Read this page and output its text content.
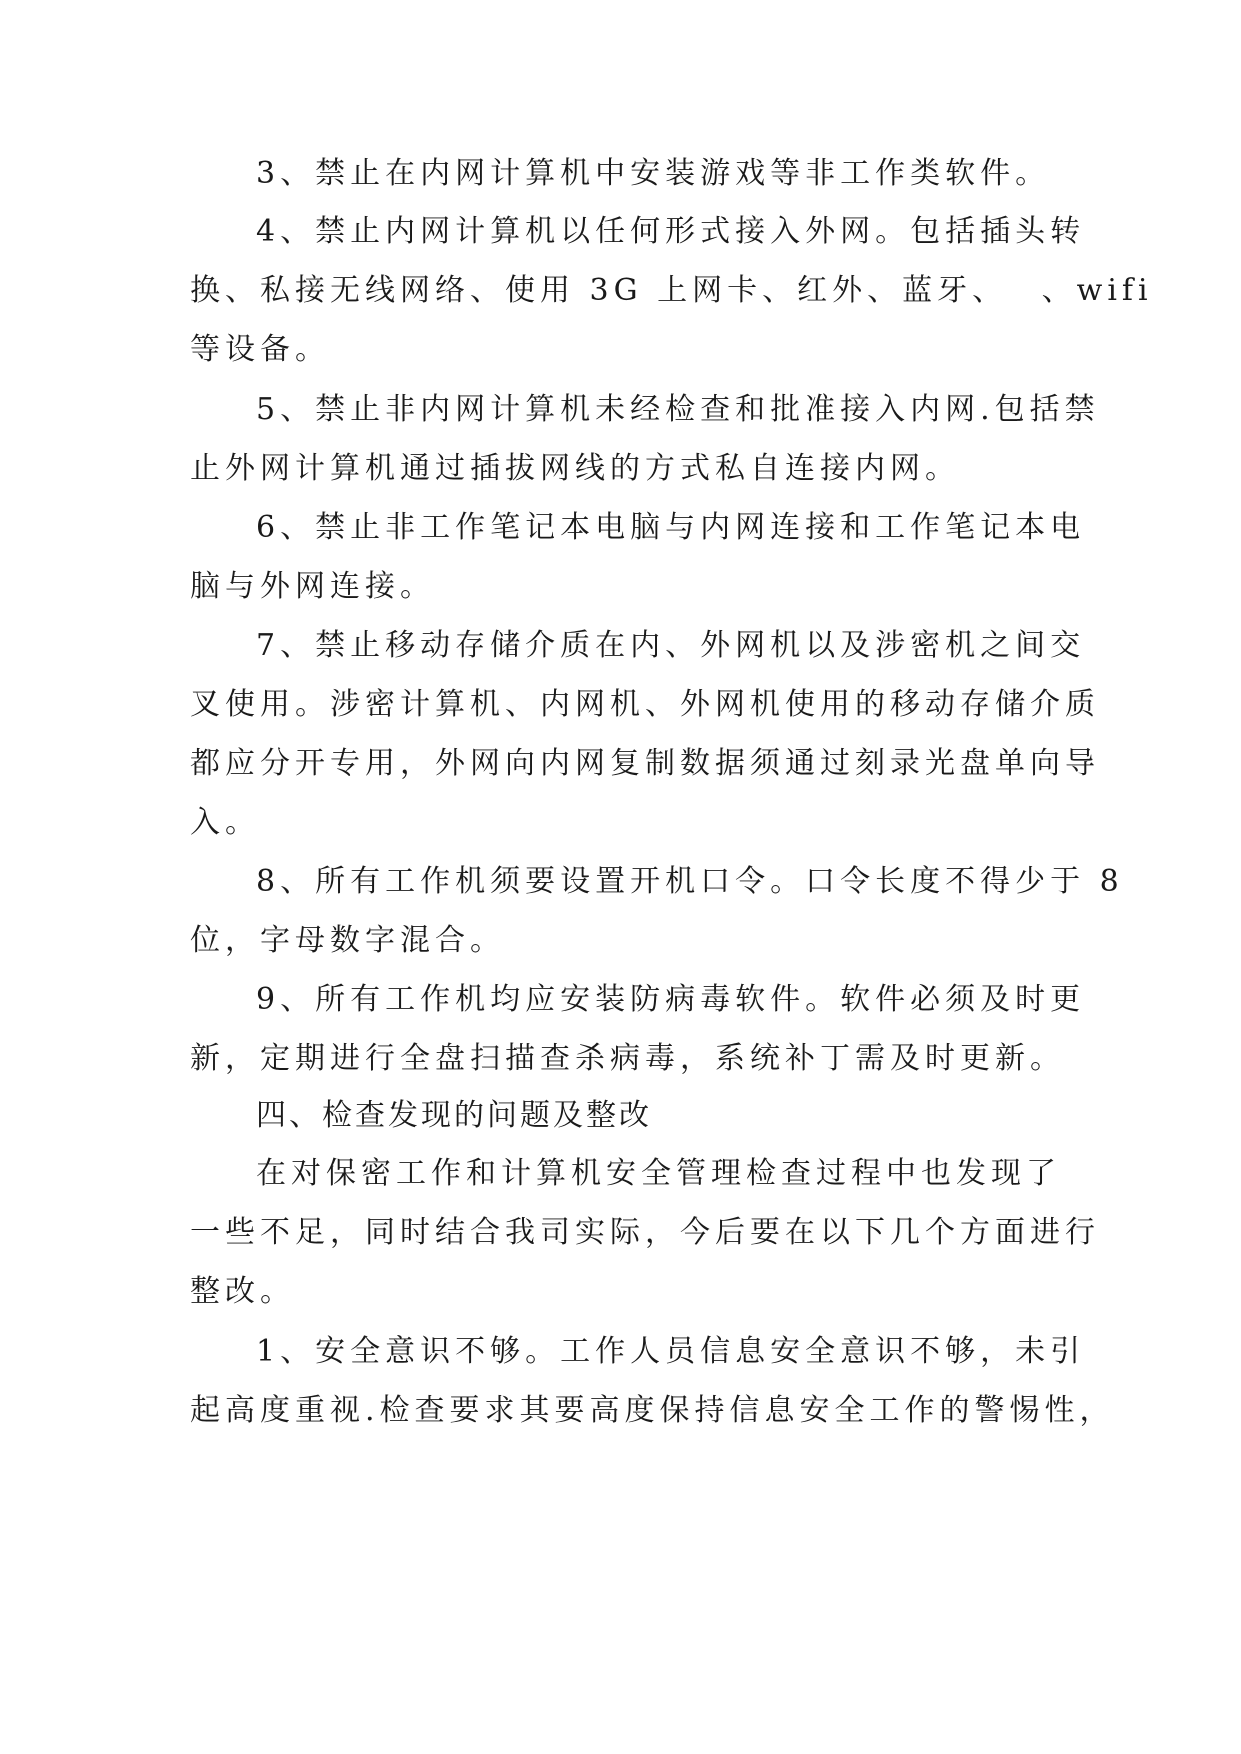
3、禁止在内网计算机中安装游戏等非工作类软件。
4、禁止内网计算机以任何形式接入外网。包括插头转
换、私接无线网络、使用 3G 上网卡、红外、蓝牙、　 、wifi
等设备。
5、禁止非内网计算机未经检查和批准接入内网.包括禁
止外网计算机通过插拔网线的方式私自连接内网。
6、禁止非工作笔记本电脑与内网连接和工作笔记本电
脑与外网连接。
7、禁止移动存储介质在内、外网机以及涉密机之间交
叉使用。涉密计算机、内网机、外网机使用的移动存储介质
都应分开专用，外网向内网复制数据须通过刻录光盘单向导
入。
8、所有工作机须要设置开机口令。口令长度不得少于 8
位，字母数字混合。
9、所有工作机均应安装防病毒软件。软件必须及时更
新，定期进行全盘扫描查杀病毒，系统补丁需及时更新。
四、检查发现的问题及整改
在对保密工作和计算机安全管理检查过程中也发现了
一些不足，同时结合我司实际，今后要在以下几个方面进行
整改。
1、安全意识不够。工作人员信息安全意识不够，未引
起高度重视.检查要求其要高度保持信息安全工作的警惕性，
